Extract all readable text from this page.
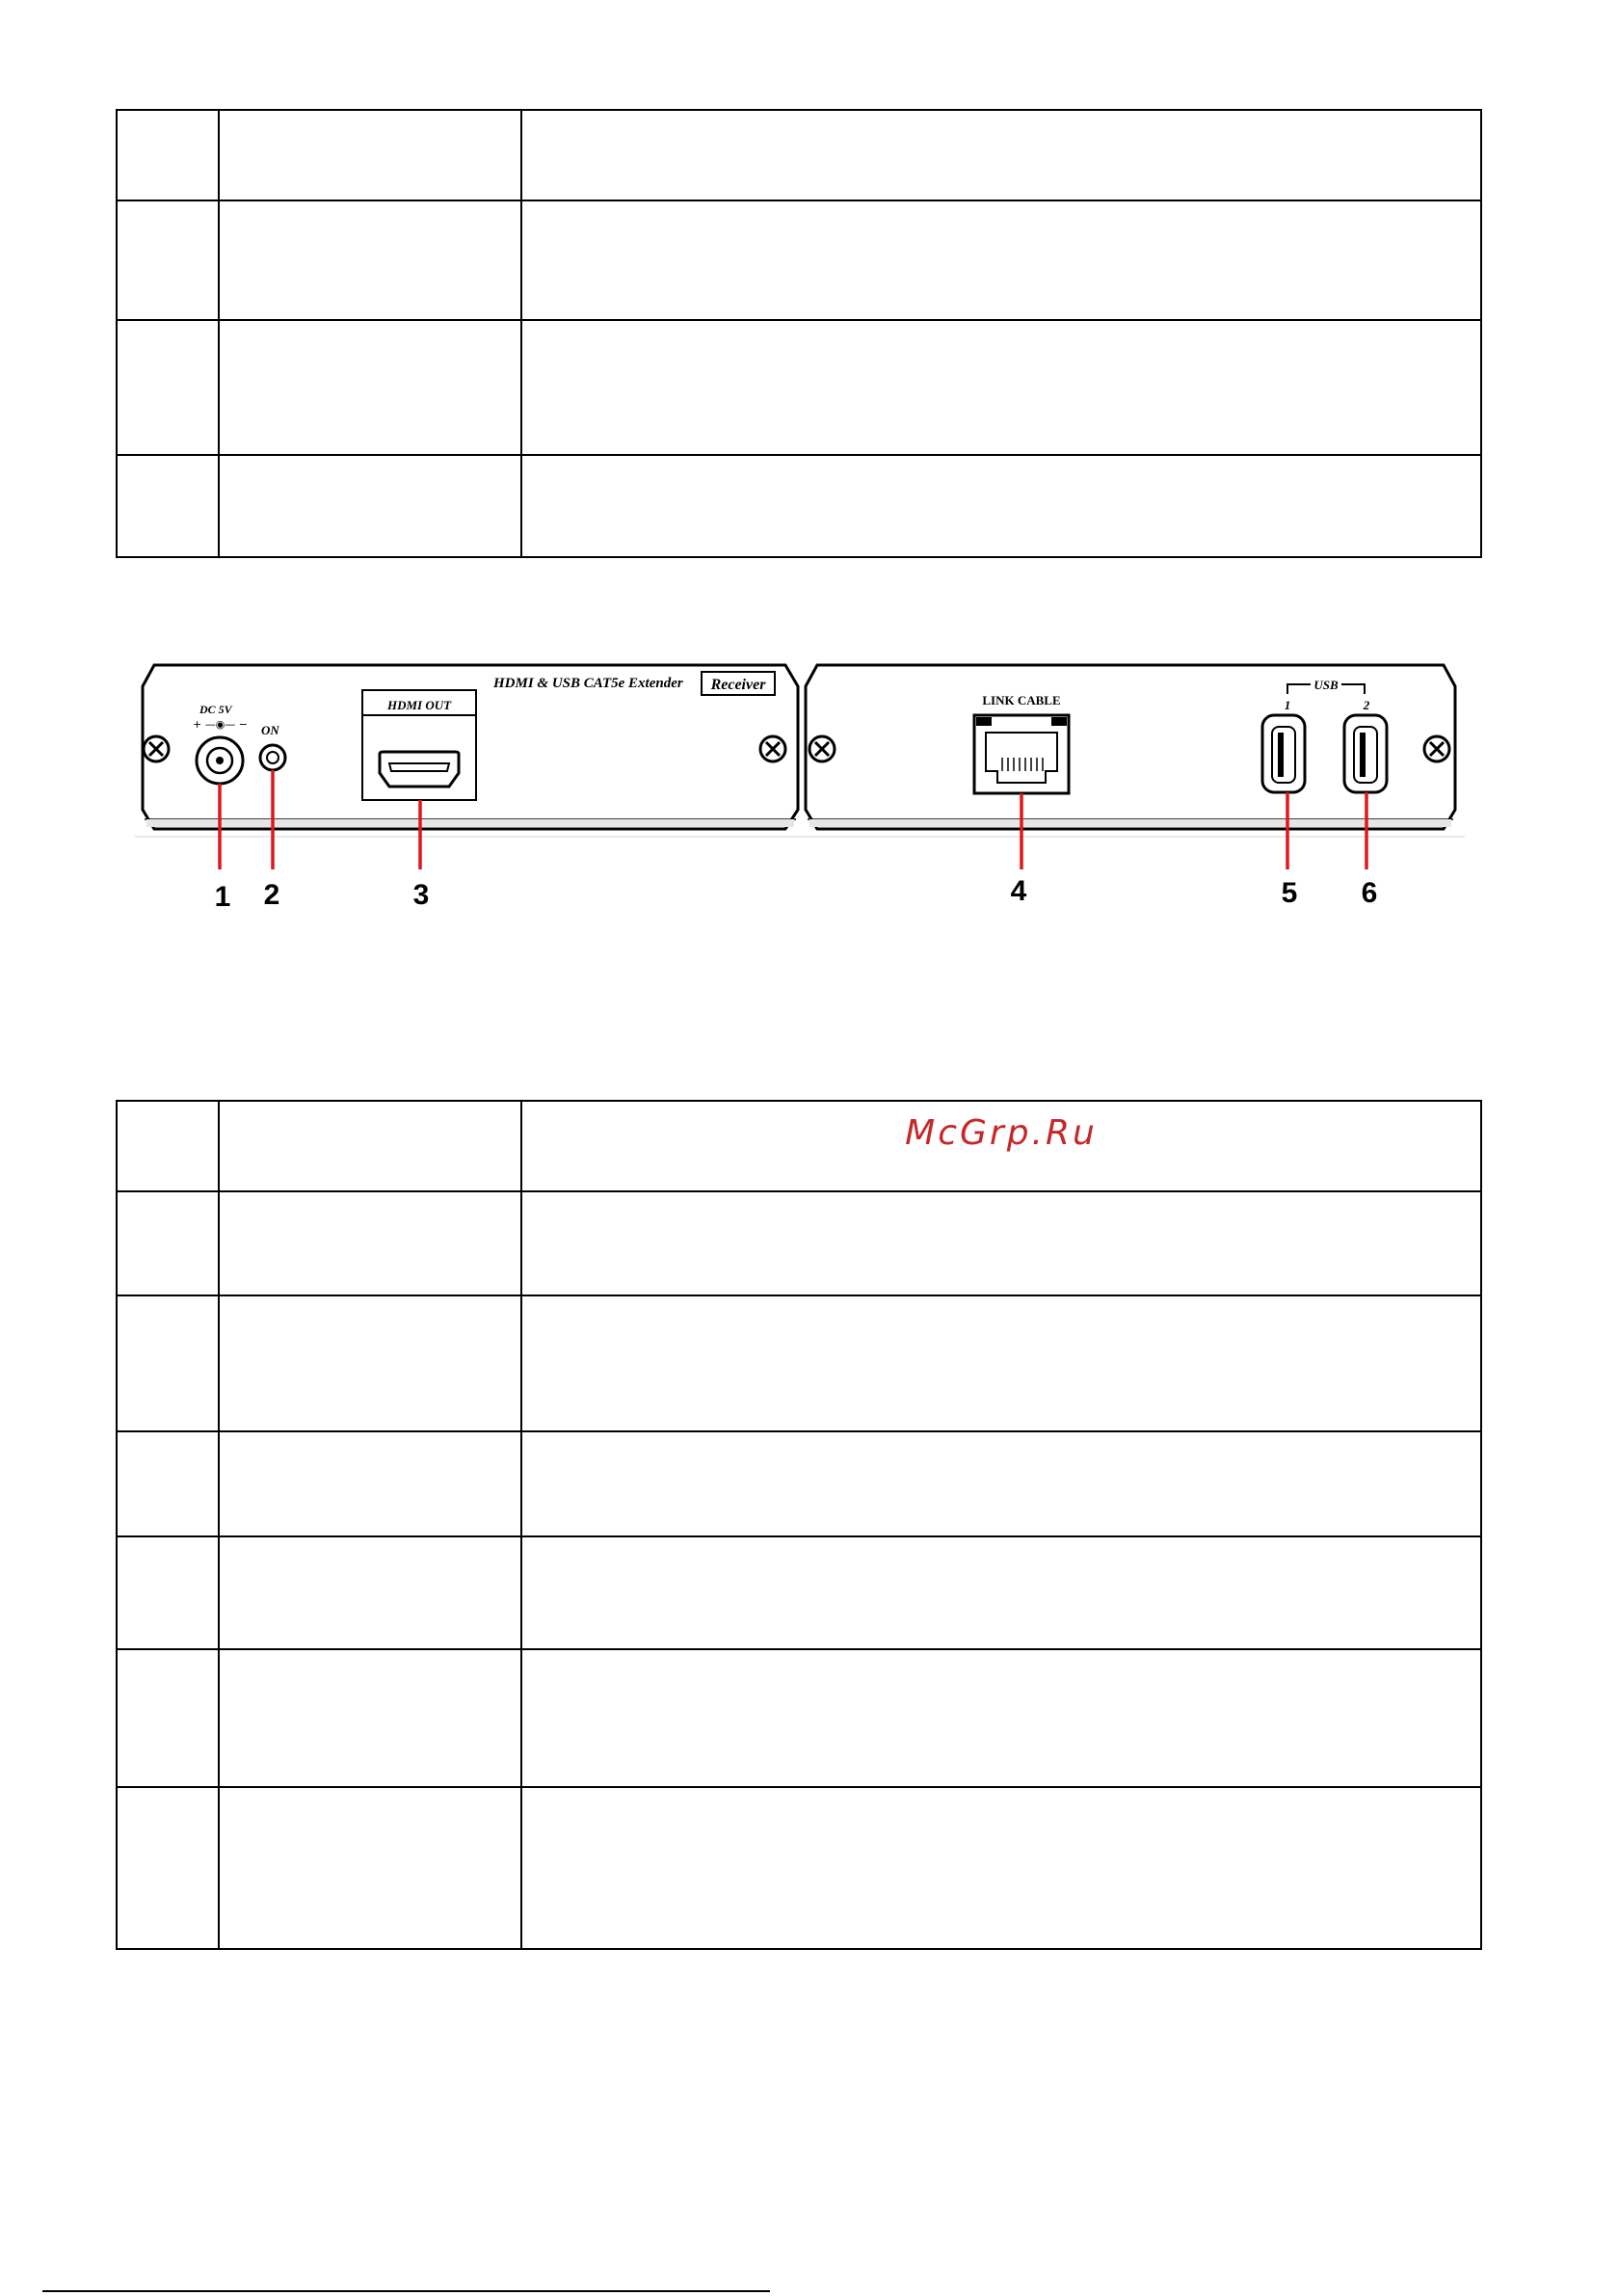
HDMI & USB CAT5e Extender Receiver
DC 5V
+ —◉— − ON
HDMI OUT	LINK CABLE
USB
1	2
1 2	3	4	5 6

		McGrp.Ru
